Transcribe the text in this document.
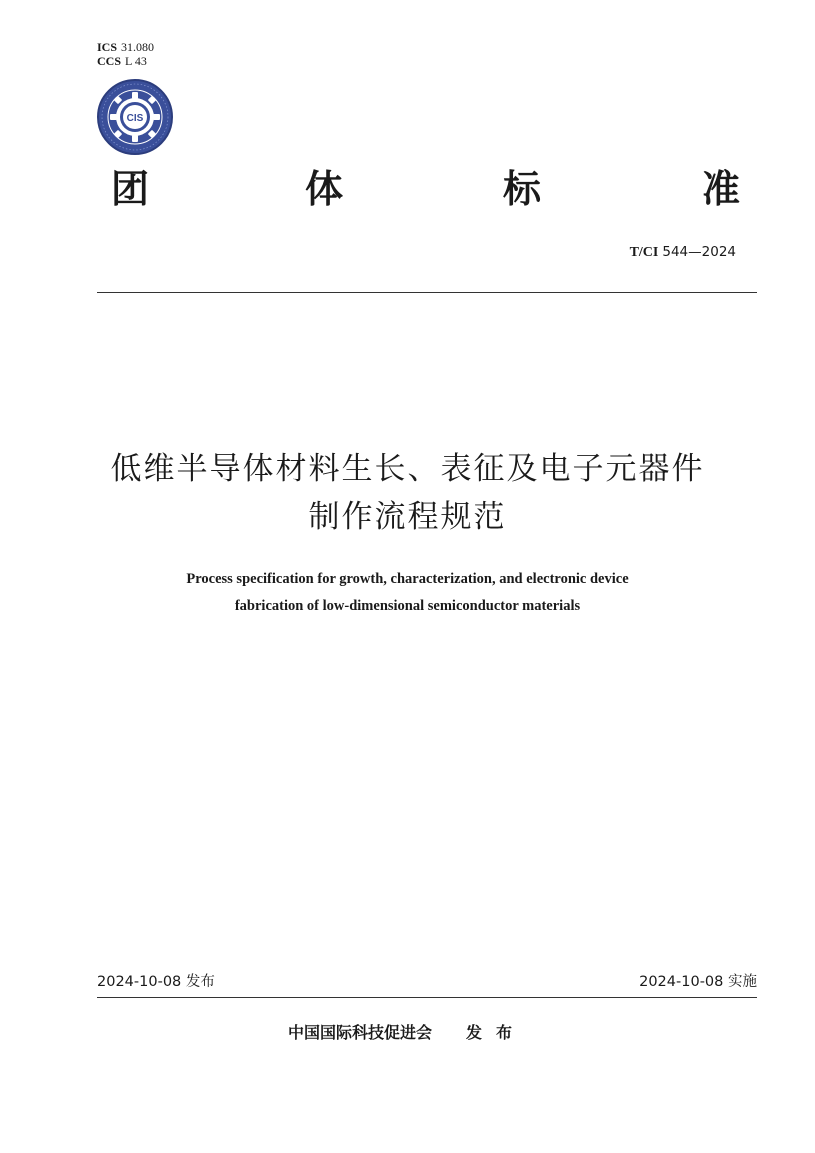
ICS 31.080
CCS L 43
CIS
团	体	标	准
T/CI 544—2024
低维半导体材料生长、表征及电子元器件
制作流程规范
Process specification for growth, characterization, and electronic device
fabrication of low-dimensional semiconductor materials
2024-10-08 发布	2024-10-08 实施
中国国际科技促进会 发布
